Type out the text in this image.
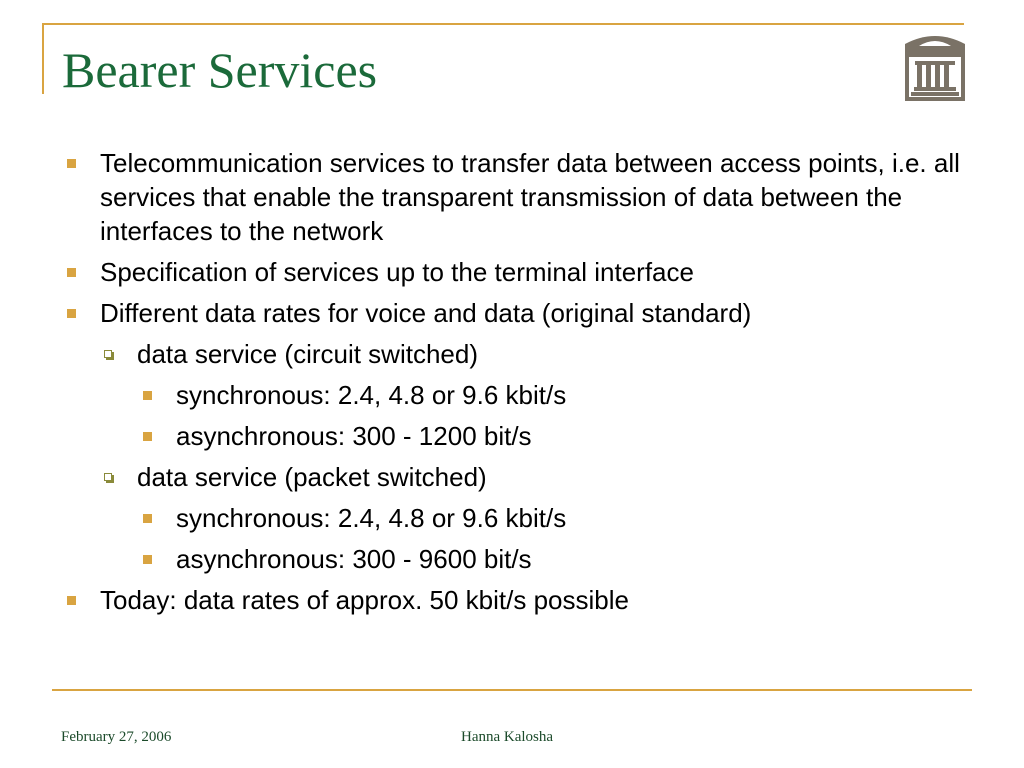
Bearer Services
Telecommunication services to transfer data between access points, i.e. all services that enable the transparent transmission of data between the interfaces to the network
Specification of services up to the terminal interface
Different data rates for voice and data (original standard)
data service (circuit switched)
synchronous: 2.4, 4.8 or 9.6 kbit/s
asynchronous: 300 - 1200 bit/s
data service (packet switched)
synchronous: 2.4, 4.8 or 9.6 kbit/s
asynchronous: 300 - 9600 bit/s
Today: data rates of approx. 50 kbit/s possible
February 27, 2006	Hanna Kalosha
